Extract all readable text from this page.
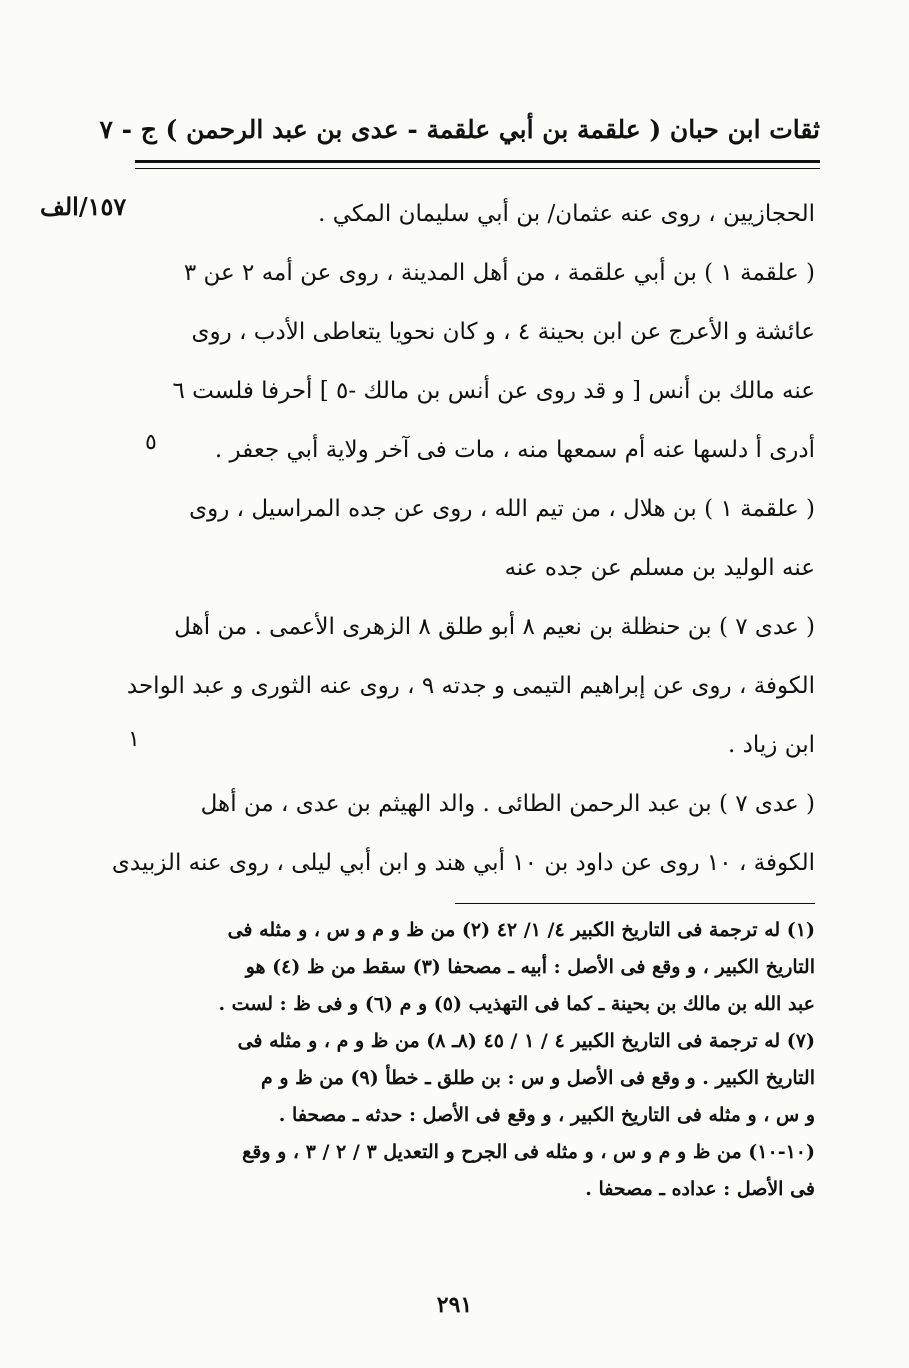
ثقات ابن حبان ( علقمة بن أبي علقمة - عدى بن عبد الرحمن ) ج - ٧
١٥٧/الف
٥
١
الحجازيين ، روى عنه عثمان/ بن أبي سليمان المكي .
( علقمة ١ ) بن أبي علقمة ، من أهل المدينة ، روى عن أمه ٢ عن ٣
عائشة و الأعرج عن ابن بحينة ٤ ، و كان نحويا يتعاطى الأدب ، روى
عنه مالك بن أنس [ و قد روى عن أنس بن مالك -٥ ] أحرفا فلست ٦
أدرى أ دلسها عنه أم سمعها منه ، مات فى آخر ولاية أبي جعفر .
( علقمة ١ ) بن هلال ، من تيم الله ، روى عن جده المراسيل ، روى
عنه الوليد بن مسلم عن جده عنه
( عدى ٧ ) بن حنظلة بن نعيم ٨ أبو طلق ٨ الزهرى الأعمى . من أهل
الكوفة ، روى عن إبراهيم التيمى و جدته ٩ ، روى عنه الثورى و عبد الواحد
ابن زياد .
( عدى ٧ ) بن عبد الرحمن الطائى . والد الهيثم بن عدى ، من أهل
الكوفة ، ١٠ روى عن داود بن ١٠ أبي هند و ابن أبي ليلى ، روى عنه الزبيدى
(١) له ترجمة فى التاريخ الكبير ٤/ ١/ ٤٢ (٢) من ظ و م و س ، و مثله فى
التاريخ الكبير ، و وقع فى الأصل : أبيه ـ مصحفا (٣) سقط من ظ (٤) هو
عبد الله بن مالك بن بحينة ـ كما فى التهذيب (٥) و م (٦) و فى ظ : لست .
(٧) له ترجمة فى التاريخ الكبير ٤ / ١ / ٤٥ (٨ـ ٨) من ظ و م ، و مثله فى
التاريخ الكبير . و وقع فى الأصل و س : بن طلق ـ خطأ (٩) من ظ و م
و س ، و مثله فى التاريخ الكبير ، و وقع فى الأصل : حدثه ـ مصحفا .
(١٠-١٠) من ظ و م و س ، و مثله فى الجرح و التعديل ٣ / ٢ / ٣ ، و وقع
فى الأصل : عداده ـ مصحفا .
٢٩١
